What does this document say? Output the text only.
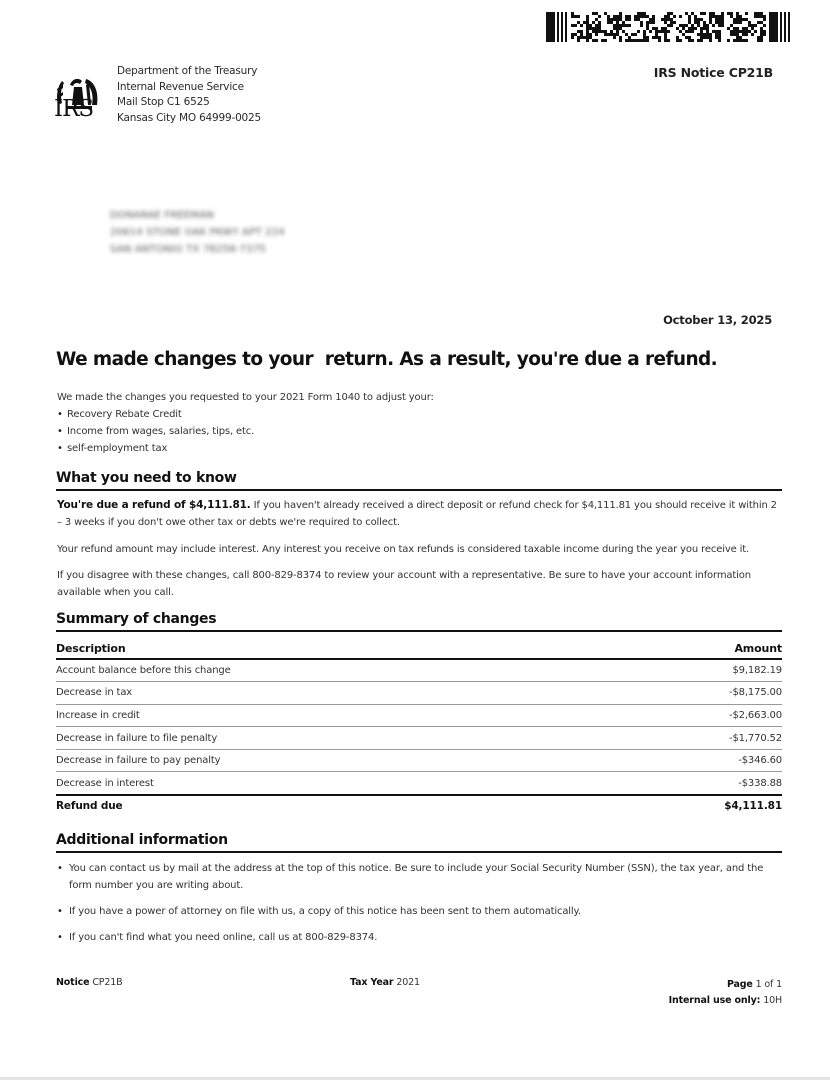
IRS
Department of the Treasury
Internal Revenue Service
Mail Stop C1 6525
Kansas City MO 64999-0025
IRS Notice CP21B
DONARAE FREEMAN
20614 STONE OAK PKWY APT 224
SAN ANTONIO TX 78258-7375
October 13, 2025
We made changes to your  return. As a result, you're due a refund.
We made the changes you requested to your 2021 Form 1040 to adjust your:
• Recovery Rebate Credit
• Income from wages, salaries, tips, etc.
• self-employment tax
What you need to know
You're due a refund of $4,111.81. If you haven't already received a direct deposit or refund check for $4,111.81 you should receive it within 2 – 3 weeks if you don't owe other tax or debts we're required to collect.
Your refund amount may include interest. Any interest you receive on tax refunds is considered taxable income during the year you receive it.
If you disagree with these changes, call 800-829-8374 to review your account with a representative. Be sure to have your account information available when you call.
Summary of changes
Description	Amount
Account balance before this change	$9,182.19
Decrease in tax	-$8,175.00
Increase in credit	-$2,663.00
Decrease in failure to file penalty	-$1,770.52
Decrease in failure to pay penalty	-$346.60
Decrease in interest	-$338.88
Refund due	$4,111.81
Additional information
• You can contact us by mail at the address at the top of this notice. Be sure to include your Social Security Number (SSN), the tax year, and the form number you are writing about.
• If you have a power of attorney on file with us, a copy of this notice has been sent to them automatically.
• If you can't find what you need online, call us at 800-829-8374.
Notice CP21B	Tax Year 2021	Page 1 of 1
Internal use only: 10H
